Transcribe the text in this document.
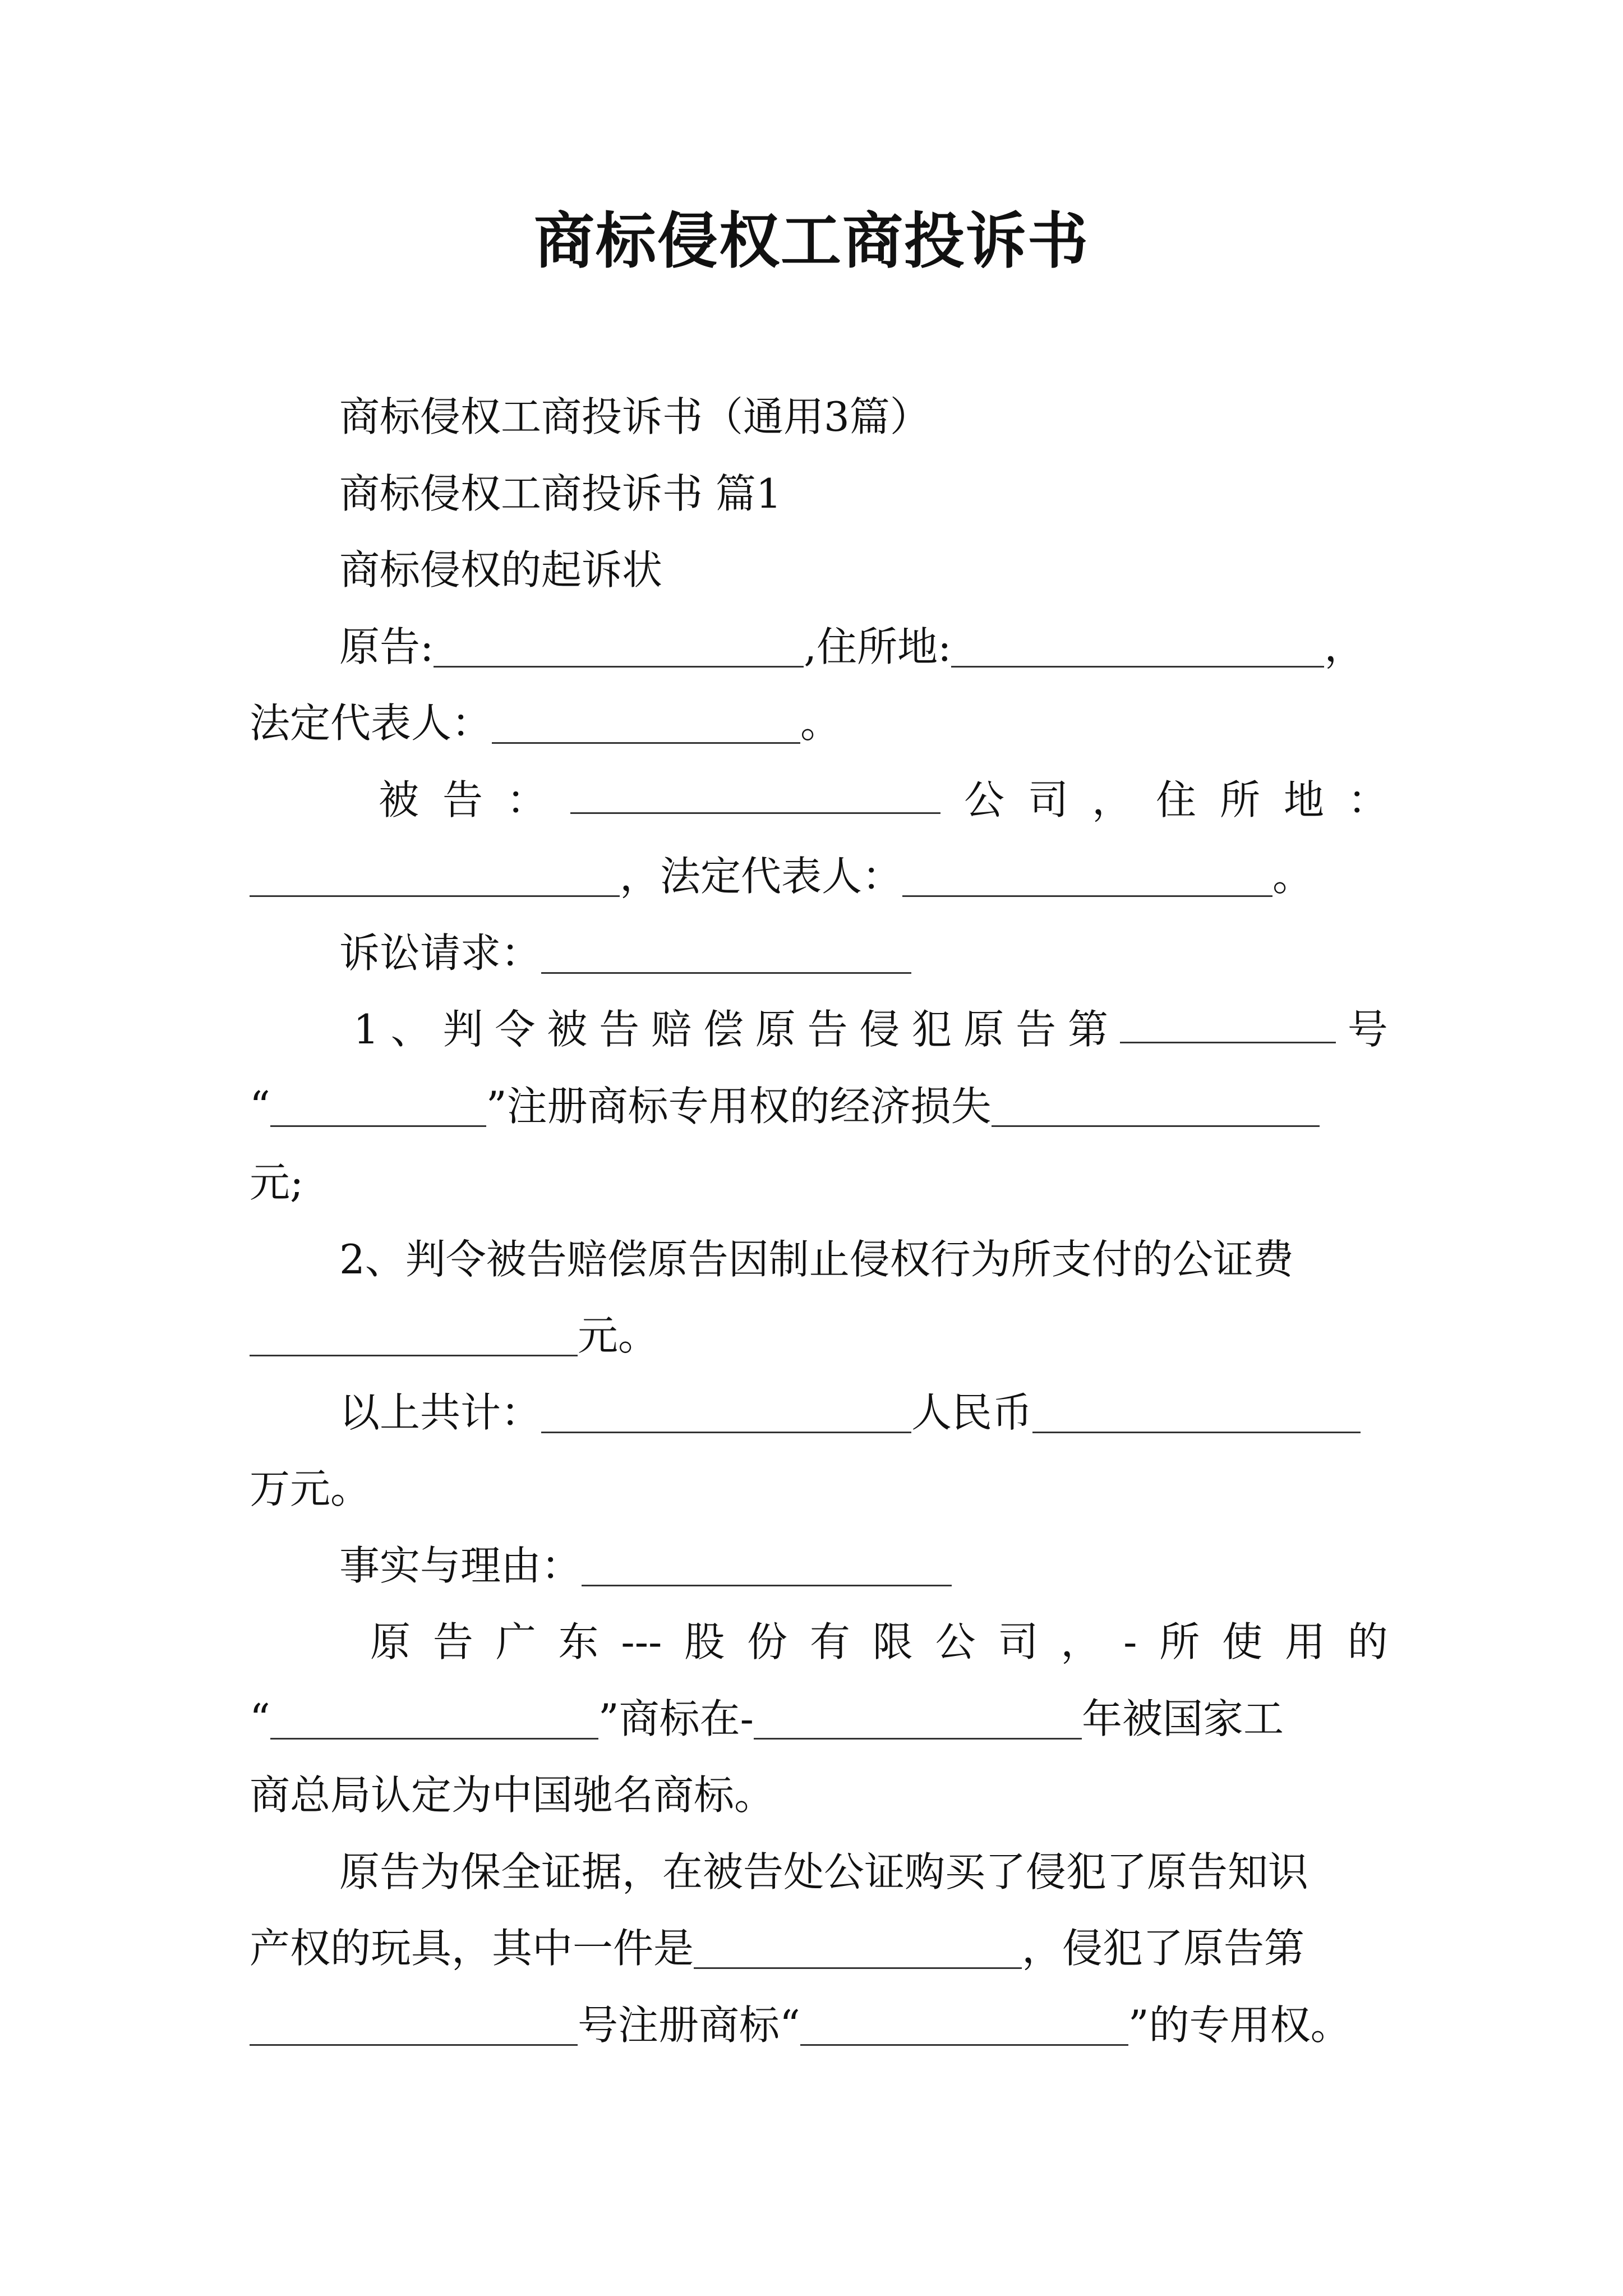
商标侵权工商投诉书
商标侵权工商投诉书（通用3篇）
商标侵权工商投诉书 篇1
商标侵权的起诉状
原告:	,住所地:	，
法定代表人：	。
被 告 ：	公 司 ， 住 所 地 ：
，法定代表人：	。
诉讼请求：
1 、 判 令 被 告 赔 偿 原 告 侵 犯 原 告 第	号
“	”注册商标专用权的经济损失
元;
2、判令被告赔偿原告因制止侵权行为所支付的公证费
元。
以上共计：	人民币
万元。
事实与理由：
原 告 广 东 --- 股 份 有 限 公 司 ， - 所 使 用 的
“	”商标在-	年被国家工
商总局认定为中国驰名商标。
原告为保全证据，在被告处公证购买了侵犯了原告知识
产权的玩具，其中一件是	，侵犯了原告第
号注册商标“	”的专用权。
